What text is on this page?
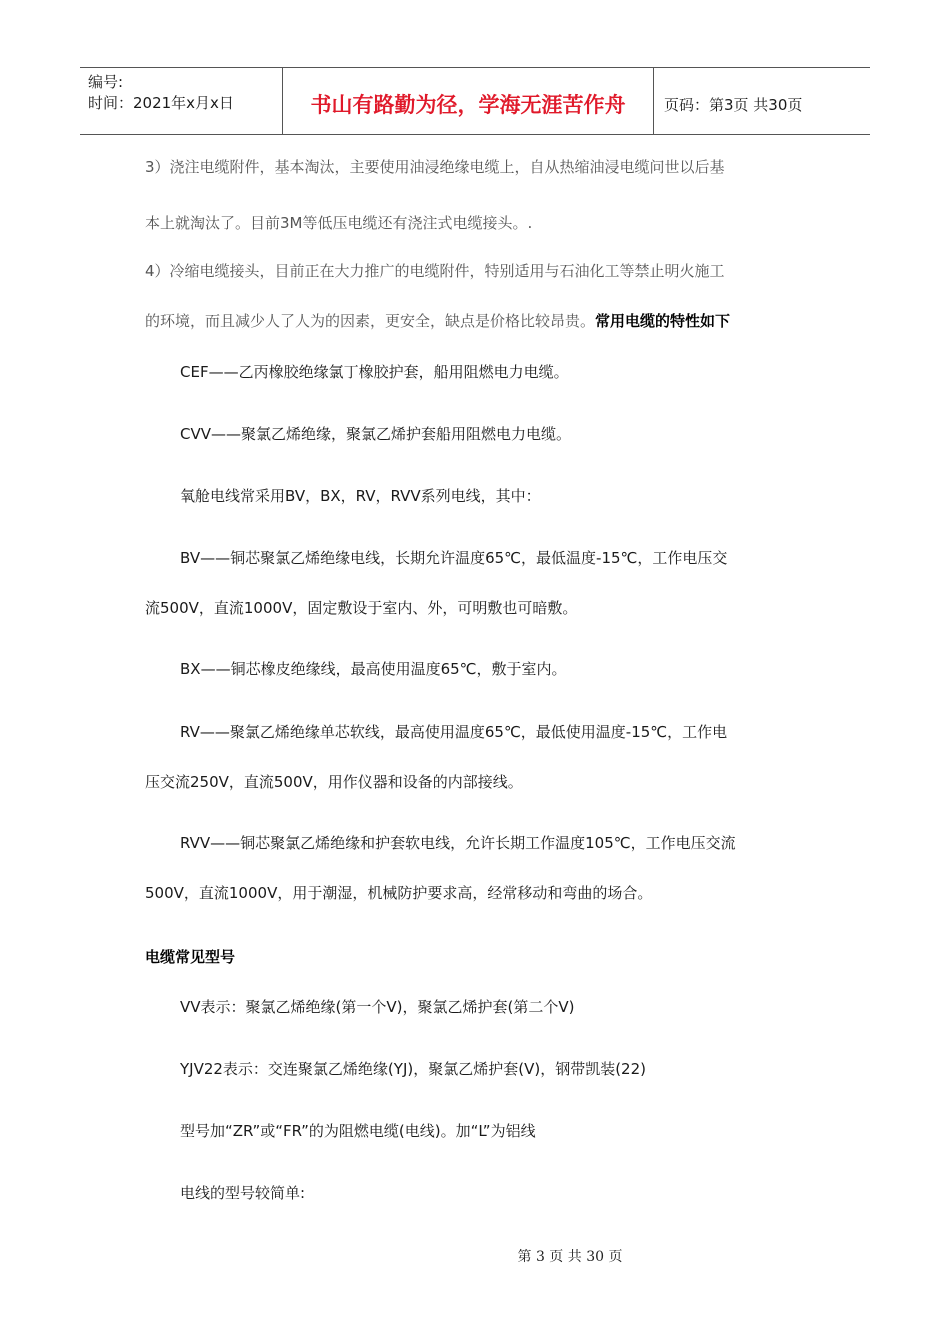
编号:
时间：2021年x月x日	书山有路勤为径，学海无涯苦作舟	页码：第3页 共30页

3）浇注电缆附件，基本淘汰，主要使用油浸绝缘电缆上，自从热缩油浸电缆问世以后基

本上就淘汰了。目前3M等低压电缆还有浇注式电缆接头。.

4）冷缩电缆接头，目前正在大力推广的电缆附件，特别适用与石油化工等禁止明火施工

的环境，而且减少人了人为的因素，更安全，缺点是价格比较昂贵。常用电缆的特性如下

CEF——乙丙橡胶绝缘氯丁橡胶护套，船用阻燃电力电缆。

CVV——聚氯乙烯绝缘，聚氯乙烯护套船用阻燃电力电缆。

氧舱电线常采用BV，BX，RV，RVV系列电线，其中：

BV——铜芯聚氯乙烯绝缘电线，长期允许温度65℃，最低温度-15℃，工作电压交

流500V，直流1000V，固定敷设于室内、外，可明敷也可暗敷。

BX——铜芯橡皮绝缘线，最高使用温度65℃，敷于室内。

RV——聚氯乙烯绝缘单芯软线，最高使用温度65℃，最低使用温度-15℃，工作电

压交流250V，直流500V，用作仪器和设备的内部接线。

RVV——铜芯聚氯乙烯绝缘和护套软电线，允许长期工作温度105℃，工作电压交流

500V，直流1000V，用于潮湿，机械防护要求高，经常移动和弯曲的场合。

电缆常见型号

VV表示：聚氯乙烯绝缘(第一个V)，聚氯乙烯护套(第二个V)

YJV22表示：交连聚氯乙烯绝缘(YJ)，聚氯乙烯护套(V)，钢带凯装(22)

型号加“ZR”或“FR”的为阻燃电缆(电线)。加“L”为铝线

电线的型号较简单:

第 3 页 共 30 页
